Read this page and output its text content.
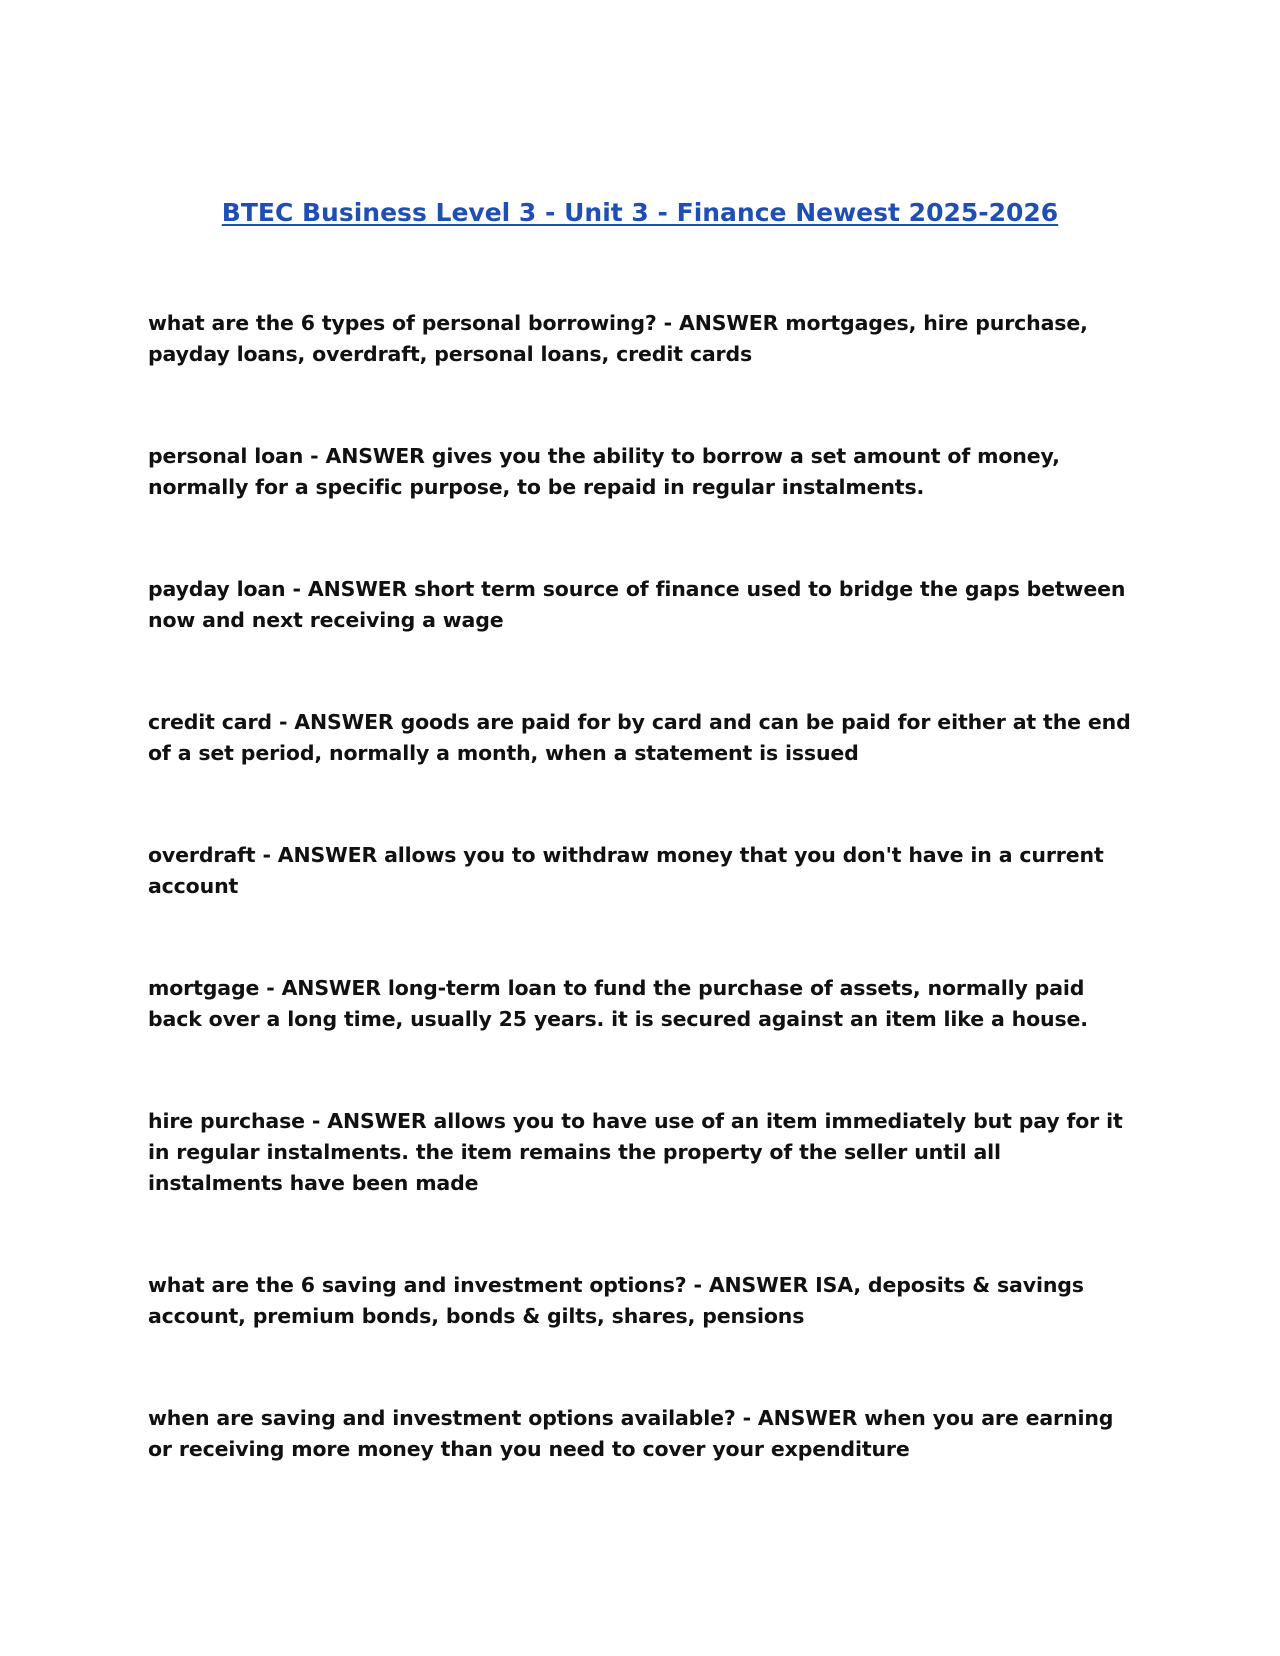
BTEC Business Level 3 - Unit 3 - Finance Newest 2025-2026
what are the 6 types of personal borrowing? - ANSWER mortgages, hire purchase, payday loans, overdraft, personal loans, credit cards
personal loan - ANSWER gives you the ability to borrow a set amount of money, normally for a specific purpose, to be repaid in regular instalments.
payday loan - ANSWER short term source of finance used to bridge the gaps between now and next receiving a wage
credit card - ANSWER goods are paid for by card and can be paid for either at the end of a set period, normally a month, when a statement is issued
overdraft - ANSWER allows you to withdraw money that you don't have in a current account
mortgage - ANSWER long-term loan to fund the purchase of assets, normally paid back over a long time, usually 25 years. it is secured against an item like a house.
hire purchase - ANSWER allows you to have use of an item immediately but pay for it in regular instalments. the item remains the property of the seller until all instalments have been made
what are the 6 saving and investment options? - ANSWER ISA, deposits & savings account, premium bonds, bonds & gilts, shares, pensions
when are saving and investment options available? - ANSWER when you are earning or receiving more money than you need to cover your expenditure
